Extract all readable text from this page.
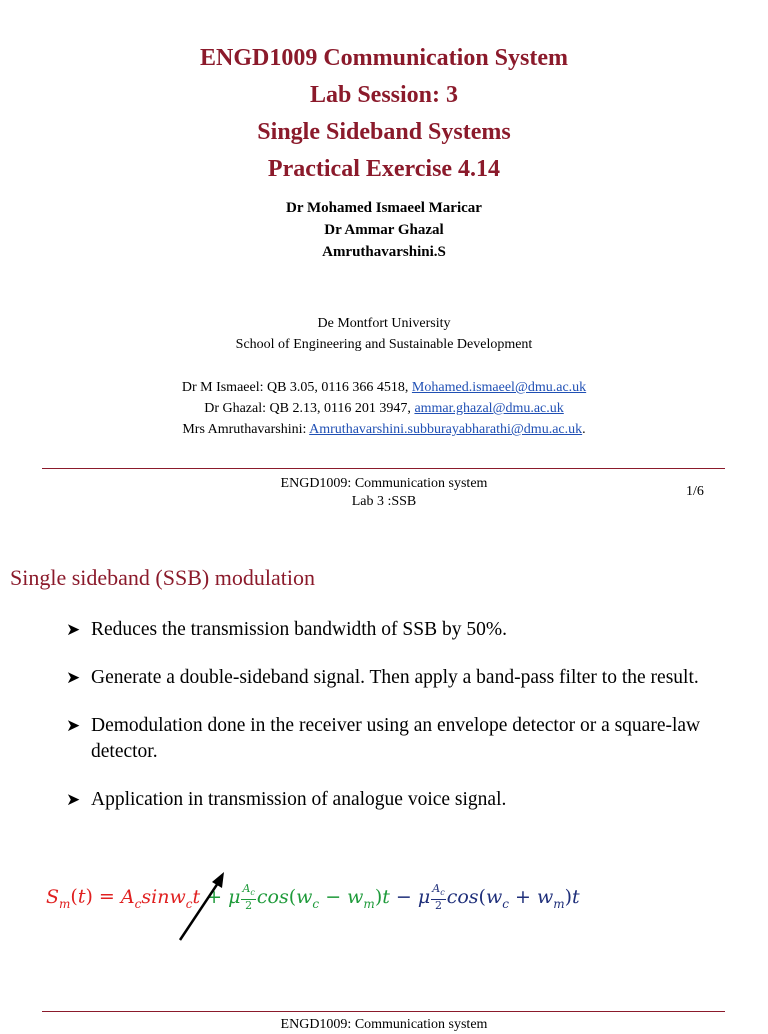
ENGD1009 Communication System
Lab Session: 3
Single Sideband Systems
Practical Exercise 4.14
Dr Mohamed Ismaeel Maricar
Dr Ammar Ghazal
Amruthavarshini.S
De Montfort University
School of Engineering and Sustainable Development
Dr M Ismaeel: QB 3.05, 0116 366 4518, Mohamed.ismaeel@dmu.ac.uk
Dr Ghazal: QB 2.13, 0116 201 3947, ammar.ghazal@dmu.ac.uk
Mrs Amruthavarshini: Amruthavarshini.subburayabharathi@dmu.ac.uk.
ENGD1009: Communication system
Lab 3 :SSB
1/6
Single sideband (SSB) modulation
➤ Reduces the transmission bandwidth of SSB by 50%.
➤ Generate a double-sideband signal. Then apply a band-pass filter to the result.
➤ Demodulation done in the receiver using an envelope detector or a square-law detector.
➤ Application in transmission of analogue voice signal.
$S_m(t) = A_c\sin w_ct + \mu \frac{A_c}{2} \cos(w_c - w_m)t - \mu \frac{A_c}{2} \cos(w_c + w_m)t$
ENGD1009: Communication system
